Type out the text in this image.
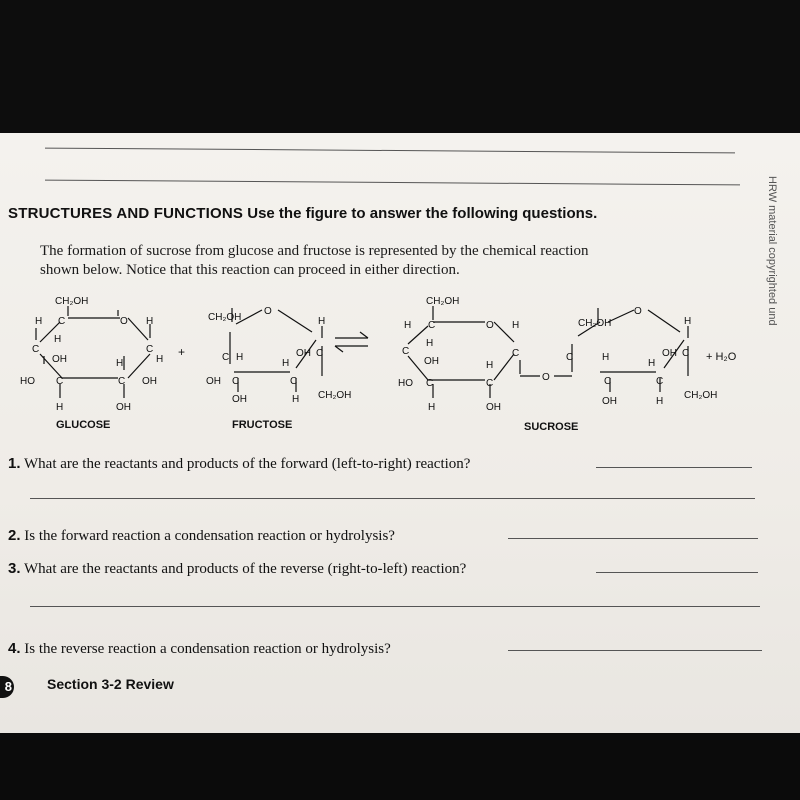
HRW material copyrighted und
STRUCTURES AND FUNCTIONS Use the figure to answer the following questions.
The formation of sucrose from glucose and fructose is represented by the chemical reaction
shown below. Notice that this reaction can proceed in either direction.
CH₂OH
H C	O H
H
C	C
OH	H	H
HO C	C OH
H	OH
GLUCOSE
+
CH₂OH
O
H
C H	OH C
H
OH C	C
CH₂OH
OH	H
FRUCTOSE
CH₂OH
H C	O H
H
C	C
OH	H
HO C	C
O
H	OH
CH₂OH
O
H
C	H	OH C
H
C	C
CH₂OH
OH	H
+ H₂O
SUCROSE
1. What are the reactants and products of the forward (left-to-right) reaction?
2. Is the forward reaction a condensation reaction or hydrolysis?
3. What are the reactants and products of the reverse (right-to-left) reaction?
4. Is the reverse reaction a condensation reaction or hydrolysis?
8	Section 3-2 Review
